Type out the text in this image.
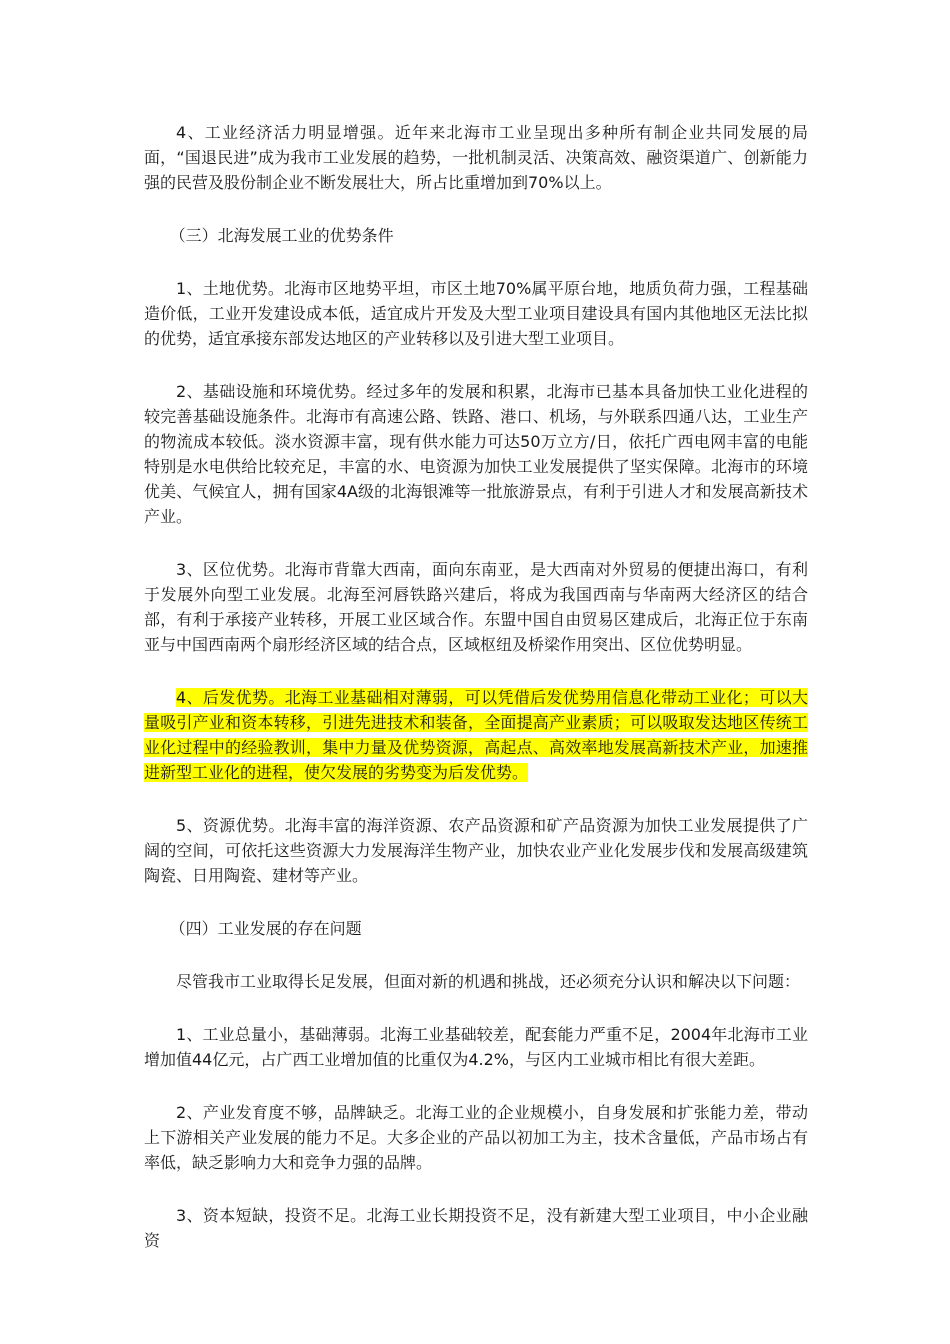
4、工业经济活力明显增强。近年来北海市工业呈现出多种所有制企业共同发展的局面，“国退民进”成为我市工业发展的趋势，一批机制灵活、决策高效、融资渠道广、创新能力强的民营及股份制企业不断发展壮大，所占比重增加到70%以上。

（三）北海发展工业的优势条件

1、土地优势。北海市区地势平坦，市区土地70%属平原台地，地质负荷力强，工程基础造价低，工业开发建设成本低，适宜成片开发及大型工业项目建设具有国内其他地区无法比拟的优势，适宜承接东部发达地区的产业转移以及引进大型工业项目。

2、基础设施和环境优势。经过多年的发展和积累，北海市已基本具备加快工业化进程的较完善基础设施条件。北海市有高速公路、铁路、港口、机场，与外联系四通八达，工业生产的物流成本较低。淡水资源丰富，现有供水能力可达50万立方/日，依托广西电网丰富的电能特别是水电供给比较充足，丰富的水、电资源为加快工业发展提供了坚实保障。北海市的环境优美、气候宜人，拥有国家4A级的北海银滩等一批旅游景点，有利于引进人才和发展高新技术产业。

3、区位优势。北海市背靠大西南，面向东南亚，是大西南对外贸易的便捷出海口，有利于发展外向型工业发展。北海至河唇铁路兴建后，将成为我国西南与华南两大经济区的结合部，有利于承接产业转移，开展工业区域合作。东盟中国自由贸易区建成后，北海正位于东南亚与中国西南两个扇形经济区域的结合点，区域枢纽及桥梁作用突出、区位优势明显。

4、后发优势。北海工业基础相对薄弱，可以凭借后发优势用信息化带动工业化；可以大量吸引产业和资本转移，引进先进技术和装备，全面提高产业素质；可以吸取发达地区传统工业化过程中的经验教训，集中力量及优势资源，高起点、高效率地发展高新技术产业，加速推进新型工业化的进程，使欠发展的劣势变为后发优势。

5、资源优势。北海丰富的海洋资源、农产品资源和矿产品资源为加快工业发展提供了广阔的空间，可依托这些资源大力发展海洋生物产业，加快农业产业化发展步伐和发展高级建筑陶瓷、日用陶瓷、建材等产业。

（四）工业发展的存在问题

尽管我市工业取得长足发展，但面对新的机遇和挑战，还必须充分认识和解决以下问题：

1、工业总量小，基础薄弱。北海工业基础较差，配套能力严重不足，2004年北海市工业增加值44亿元，占广西工业增加值的比重仅为4.2%，与区内工业城市相比有很大差距。

2、产业发育度不够，品牌缺乏。北海工业的企业规模小，自身发展和扩张能力差，带动上下游相关产业发展的能力不足。大多企业的产品以初加工为主，技术含量低，产品市场占有率低，缺乏影响力大和竞争力强的品牌。

3、资本短缺，投资不足。北海工业长期投资不足，没有新建大型工业项目，中小企业融资
